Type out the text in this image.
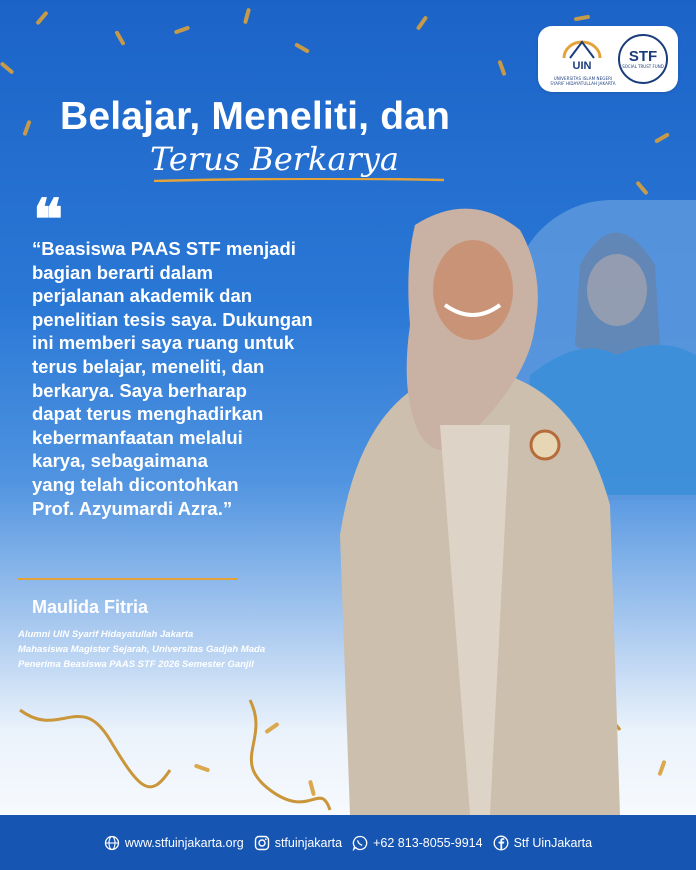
UIN
UNIVERSITAS ISLAM NEGERI SYARIF HIDAYATULLAH JAKARTA
STF
SOCIAL TRUST FUND
Belajar, Meneliti, dan
Terus Berkarya
❝
“Beasiswa PAAS STF menjadi
bagian berarti dalam
perjalanan akademik dan
penelitian tesis saya. Dukungan
ini memberi saya ruang untuk
terus belajar, meneliti, dan
berkarya. Saya berharap
dapat terus menghadirkan
kebermanfaatan melalui
karya, sebagaimana
yang telah dicontohkan
Prof. Azyumardi Azra.”
Maulida Fitria
Alumni UIN Syarif Hidayatullah Jakarta
Mahasiswa Magister Sejarah, Universitas Gadjah Mada
Penerima Beasiswa PAAS STF 2026 Semester Ganjil
www.stfuinjakarta.org stfuinjakarta +62 813-8055-9914 Stf UinJakarta
